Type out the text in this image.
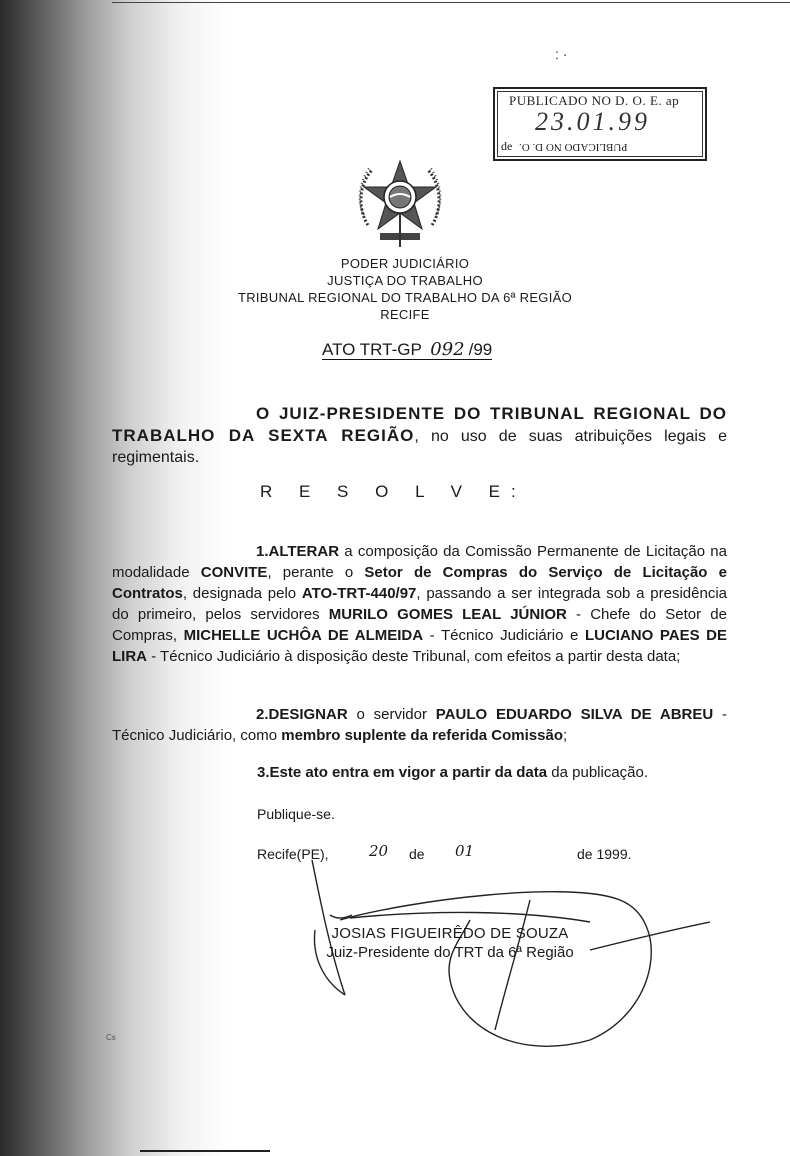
: ·
PUBLICADO NO D. O. E. ap
23.01.99
de PUBLICADO NO D. O.
PODER JUDICIÁRIO
JUSTIÇA DO TRABALHO
TRIBUNAL REGIONAL DO TRABALHO DA 6ª REGIÃO
RECIFE
ATO TRT-GP 092 /99
O JUIZ-PRESIDENTE DO TRIBUNAL REGIONAL DO TRABALHO DA SEXTA REGIÃO, no uso de suas atribuições legais e regimentais.
R E S O L V E:
1.ALTERAR a composição da Comissão Permanente de Licitação na modalidade CONVITE, perante o Setor de Compras do Serviço de Licitação e Contratos, designada pelo ATO-TRT-440/97, passando a ser integrada sob a presidência do primeiro, pelos servidores MURILO GOMES LEAL JÚNIOR - Chefe do Setor de Compras, MICHELLE UCHÔA DE ALMEIDA - Técnico Judiciário e LUCIANO PAES DE LIRA - Técnico Judiciário à disposição deste Tribunal, com efeitos a partir desta data;
2.DESIGNAR o servidor PAULO EDUARDO SILVA DE ABREU - Técnico Judiciário, como membro suplente da referida Comissão;
3.Este ato entra em vigor a partir da data da publicação.
Publique-se.
Recife(PE),	20 de 01	de 1999.
JOSIAS FIGUEIRÊDO DE SOUZA
Juiz-Presidente do TRT da 6ª Região
Cs
